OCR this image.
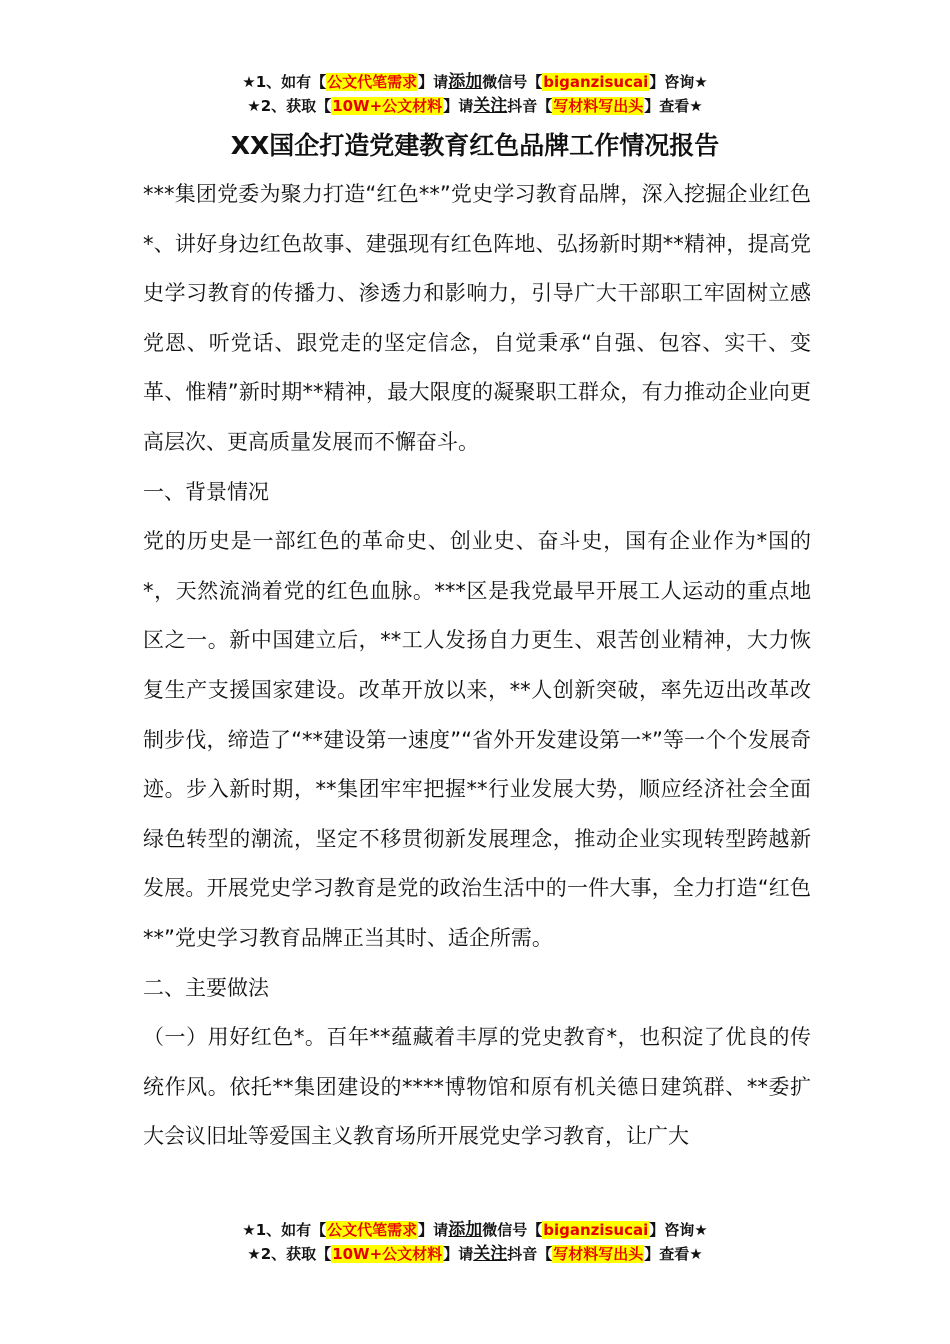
★1、如有【公文代笔需求】请添加微信号【biganzisucai】咨询★
★2、获取【10W+公文材料】请关注抖音【写材料写出头】查看★
XX国企打造党建教育红色品牌工作情况报告

***集团党委为聚力打造“红色**”党史学习教育品牌，深入挖掘企业红色*、讲好身边红色故事、建强现有红色阵地、弘扬新时期**精神，提高党史学习教育的传播力、渗透力和影响力，引导广大干部职工牢固树立感党恩、听党话、跟党走的坚定信念，自觉秉承“自强、包容、实干、变革、惟精”新时期**精神，最大限度的凝聚职工群众，有力推动企业向更高层次、更高质量发展而不懈奋斗。

一、背景情况

党的历史是一部红色的革命史、创业史、奋斗史，国有企业作为*国的*，天然流淌着党的红色血脉。***区是我党最早开展工人运动的重点地区之一。新中国建立后，**工人发扬自力更生、艰苦创业精神，大力恢复生产支援国家建设。改革开放以来，**人创新突破，率先迈出改革改制步伐，缔造了“**建设第一速度”“省外开发建设第一*”等一个个发展奇迹。步入新时期，**集团牢牢把握**行业发展大势，顺应经济社会全面绿色转型的潮流，坚定不移贯彻新发展理念，推动企业实现转型跨越新发展。开展党史学习教育是党的政治生活中的一件大事，全力打造“红色**”党史学习教育品牌正当其时、适企所需。

二、主要做法

（一）用好红色*。百年**蕴藏着丰厚的党史教育*，也积淀了优良的传统作风。依托**集团建设的****博物馆和原有机关德日建筑群、**委扩大会议旧址等爱国主义教育场所开展党史学习教育，让广大

★1、如有【公文代笔需求】请添加微信号【biganzisucai】咨询★
★2、获取【10W+公文材料】请关注抖音【写材料写出头】查看★
